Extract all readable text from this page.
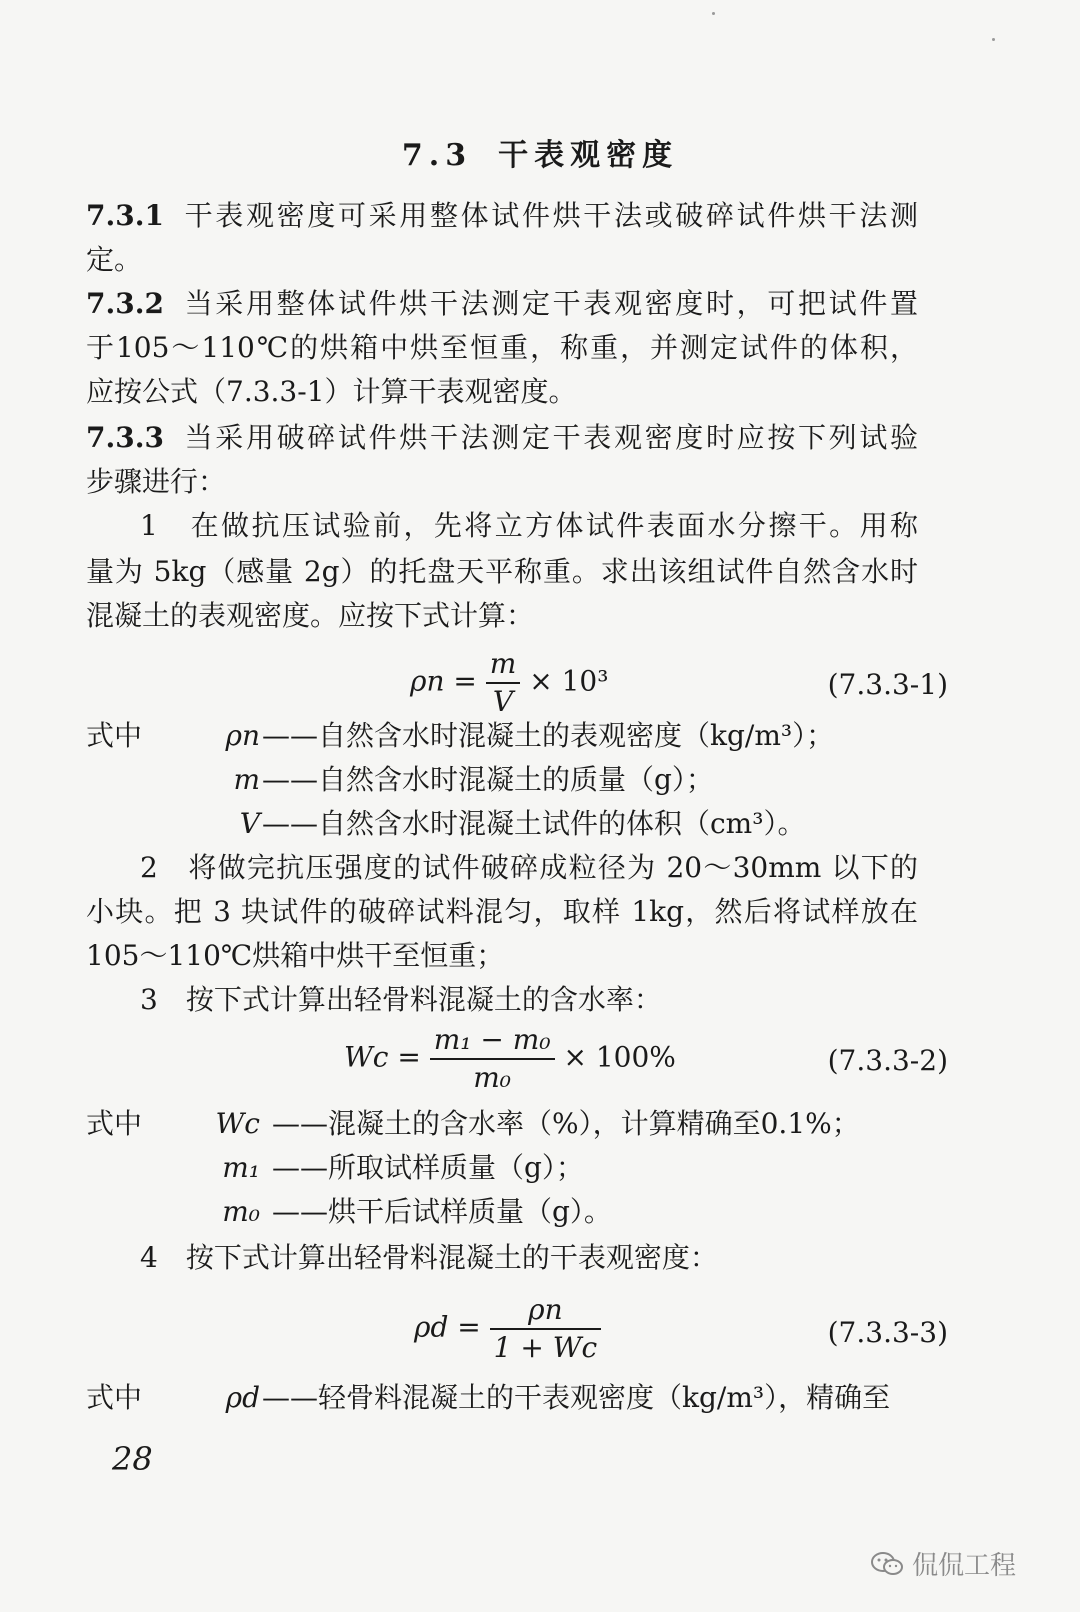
7.3 干表观密度
7.3.1 干表观密度可采用整体试件烘干法或破碎试件烘干法测
定。
7.3.2 当采用整体试件烘干法测定干表观密度时，可把试件置
于105～110℃的烘箱中烘至恒重，称重，并测定试件的体积，
应按公式（7.3.3-1）计算干表观密度。
7.3.3 当采用破碎试件烘干法测定干表观密度时应按下列试验
步骤进行：
1　在做抗压试验前，先将立方体试件表面水分擦干。用称
量为 5kg（感量 2g）的托盘天平称重。求出该组试件自然含水时
混凝土的表观密度。应按下式计算：
$\rho n = \frac{m}{V} \times 10^3$	(7.3.3-1)
式中	ρn ——自然含水时混凝土的表观密度（kg/m³）；
m ——自然含水时混凝土的质量（g）；
V ——自然含水时混凝土试件的体积（cm³）。
2　将做完抗压强度的试件破碎成粒径为 20～30mm 以下的
小块。把 3 块试件的破碎试料混匀，取样 1kg，然后将试样放在
105～110℃烘箱中烘干至恒重；
3　按下式计算出轻骨料混凝土的含水率：
$Wc = \frac{\text{m₁ − m₀}}{\text{m₀}} \times 100\%$	(7.3.3-2)
式中	Wc ——混凝土的含水率（%），计算精确至0.1%；
m₁ ——所取试样质量（g）；
m₀ ——烘干后试样质量（g）。
4　按下式计算出轻骨料混凝土的干表观密度：
$\rho d = \frac{\rho n}{1 + Wc}$	(7.3.3-3)
式中	ρd ——轻骨料混凝土的干表观密度（kg/m³），精确至
28
侃侃工程
